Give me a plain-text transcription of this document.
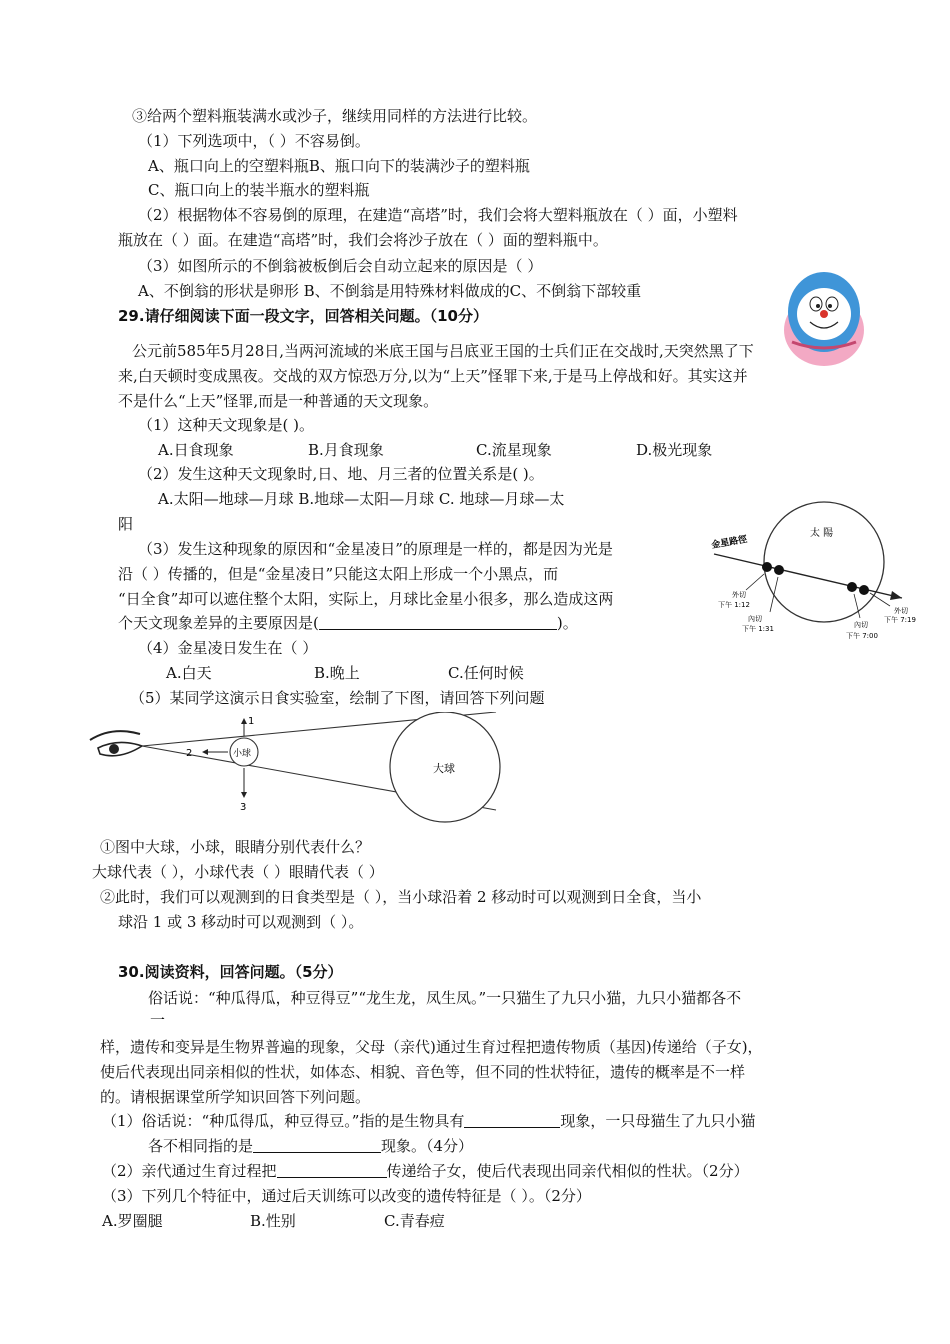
③给两个塑料瓶装满水或沙子，继续用同样的方法进行比较。
（1）下列选项中，（ ）不容易倒。
A、瓶口向上的空塑料瓶B、瓶口向下的装满沙子的塑料瓶
C、瓶口向上的装半瓶水的塑料瓶
（2）根据物体不容易倒的原理，在建造“高塔”时，我们会将大塑料瓶放在（ ）面，小塑料
瓶放在（ ）面。在建造“高塔”时，我们会将沙子放在（ ）面的塑料瓶中。
（3）如图所示的不倒翁被板倒后会自动立起来的原因是（ ）
A、不倒翁的形状是卵形 B、不倒翁是用特殊材料做成的C、不倒翁下部较重
29.请仔细阅读下面一段文字，回答相关问题。（10分）
公元前585年5月28日,当两河流域的米底王国与吕底亚王国的士兵们正在交战时,天突然黑了下
来,白天顿时变成黑夜。交战的双方惊恐万分,以为“上天”怪罪下来,于是马上停战和好。其实这并
不是什么“上天”怪罪,而是一种普通的天文现象。
（1）这种天文现象是( )。
A.日食现象	B.月食现象	C.流星现象	D.极光现象
（2）发生这种天文现象时,日、地、月三者的位置关系是( )。
A.太阳—地球—月球 B.地球—太阳—月球 C. 地球—月球—太
阳
（3）发生这种现象的原因和“金星凌日”的原理是一样的，都是因为光是
沿（ ）传播的，但是“金星凌日”只能这太阳上形成一个小黑点，而
“日全食”却可以遮住整个太阳，实际上，月球比金星小很多，那么造成这两
个天文现象差异的主要原因是(	)。
（4）金星凌日发生在（ ）
A.白天	B.晚上	C.任何时候
（5）某同学这演示日食实验室，绘制了下图，请回答下列问题
太 陽
金星路徑
外切
下午 1:12
內切
下午 1:31	內切
下午 7:00
外切
下午 7:19
小球
大球
1
2
3
①图中大球，小球，眼睛分别代表什么？
大球代表（ ），小球代表（ ）眼睛代表（ ）
②此时，我们可以观测到的日食类型是（ ），当小球沿着 2 移动时可以观测到日全食，当小
球沿 1 或 3 移动时可以观测到（ ）。
30.阅读资料，回答问题。（5分）
俗话说：“种瓜得瓜，种豆得豆”“龙生龙，凤生凤。”一只猫生了九只小猫，九只小猫都各不
一
样，遗传和变异是生物界普遍的现象，父母（亲代)通过生育过程把遗传物质（基因)传递给（子女)，
使后代表现出同亲相似的性状，如体态、相貌、音色等，但不同的性状特征，遗传的概率是不一样
的。请根据课堂所学知识回答下列问题。
（1）俗话说：“种瓜得瓜，种豆得豆。”指的是生物具有	现象，一只母猫生了九只小猫
各不相同指的是	现象。（4分）
（2）亲代通过生育过程把	传递给子女，使后代表现出同亲代相似的性状。（2分）
（3）下列几个特征中，通过后天训练可以改变的遗传特征是（ ）。（2分）
A.罗圈腿	B.性别	C.青春痘
